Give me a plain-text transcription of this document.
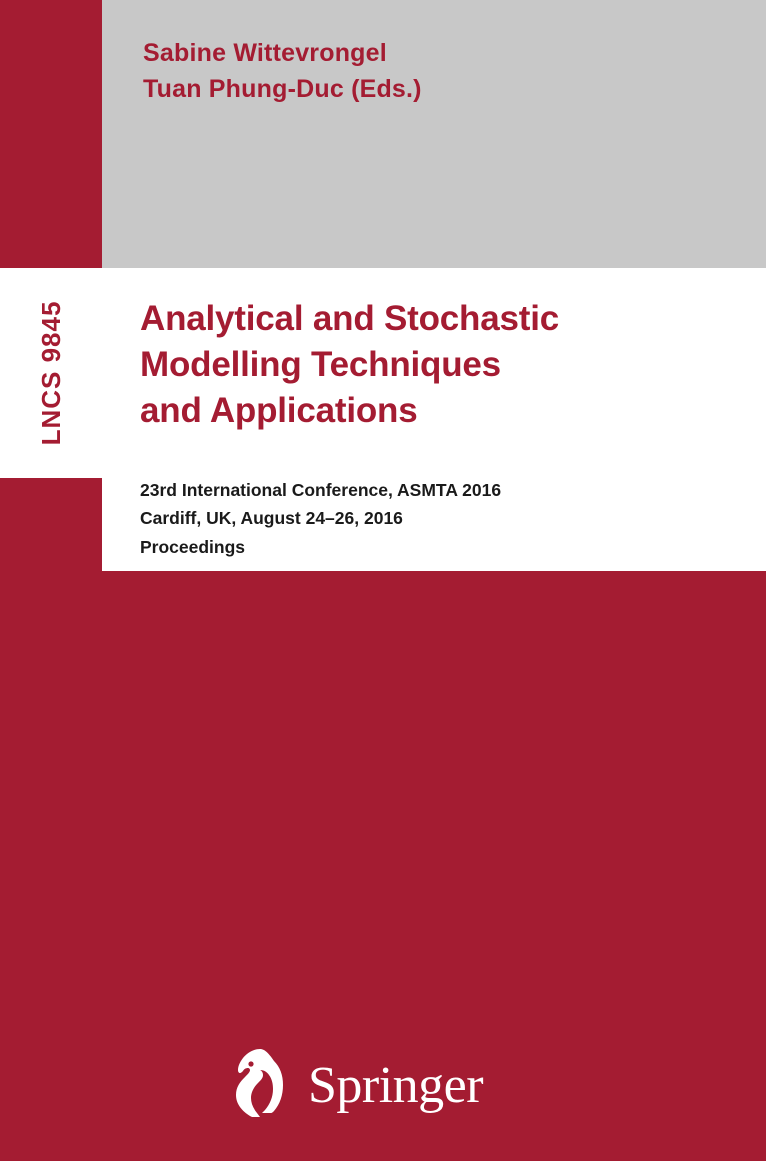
LNCS 9845
Sabine Wittevrongel
Tuan Phung-Duc (Eds.)
Analytical and Stochastic
Modelling Techniques
and Applications
23rd International Conference, ASMTA 2016
Cardiff, UK, August 24–26, 2016
Proceedings
Springer
